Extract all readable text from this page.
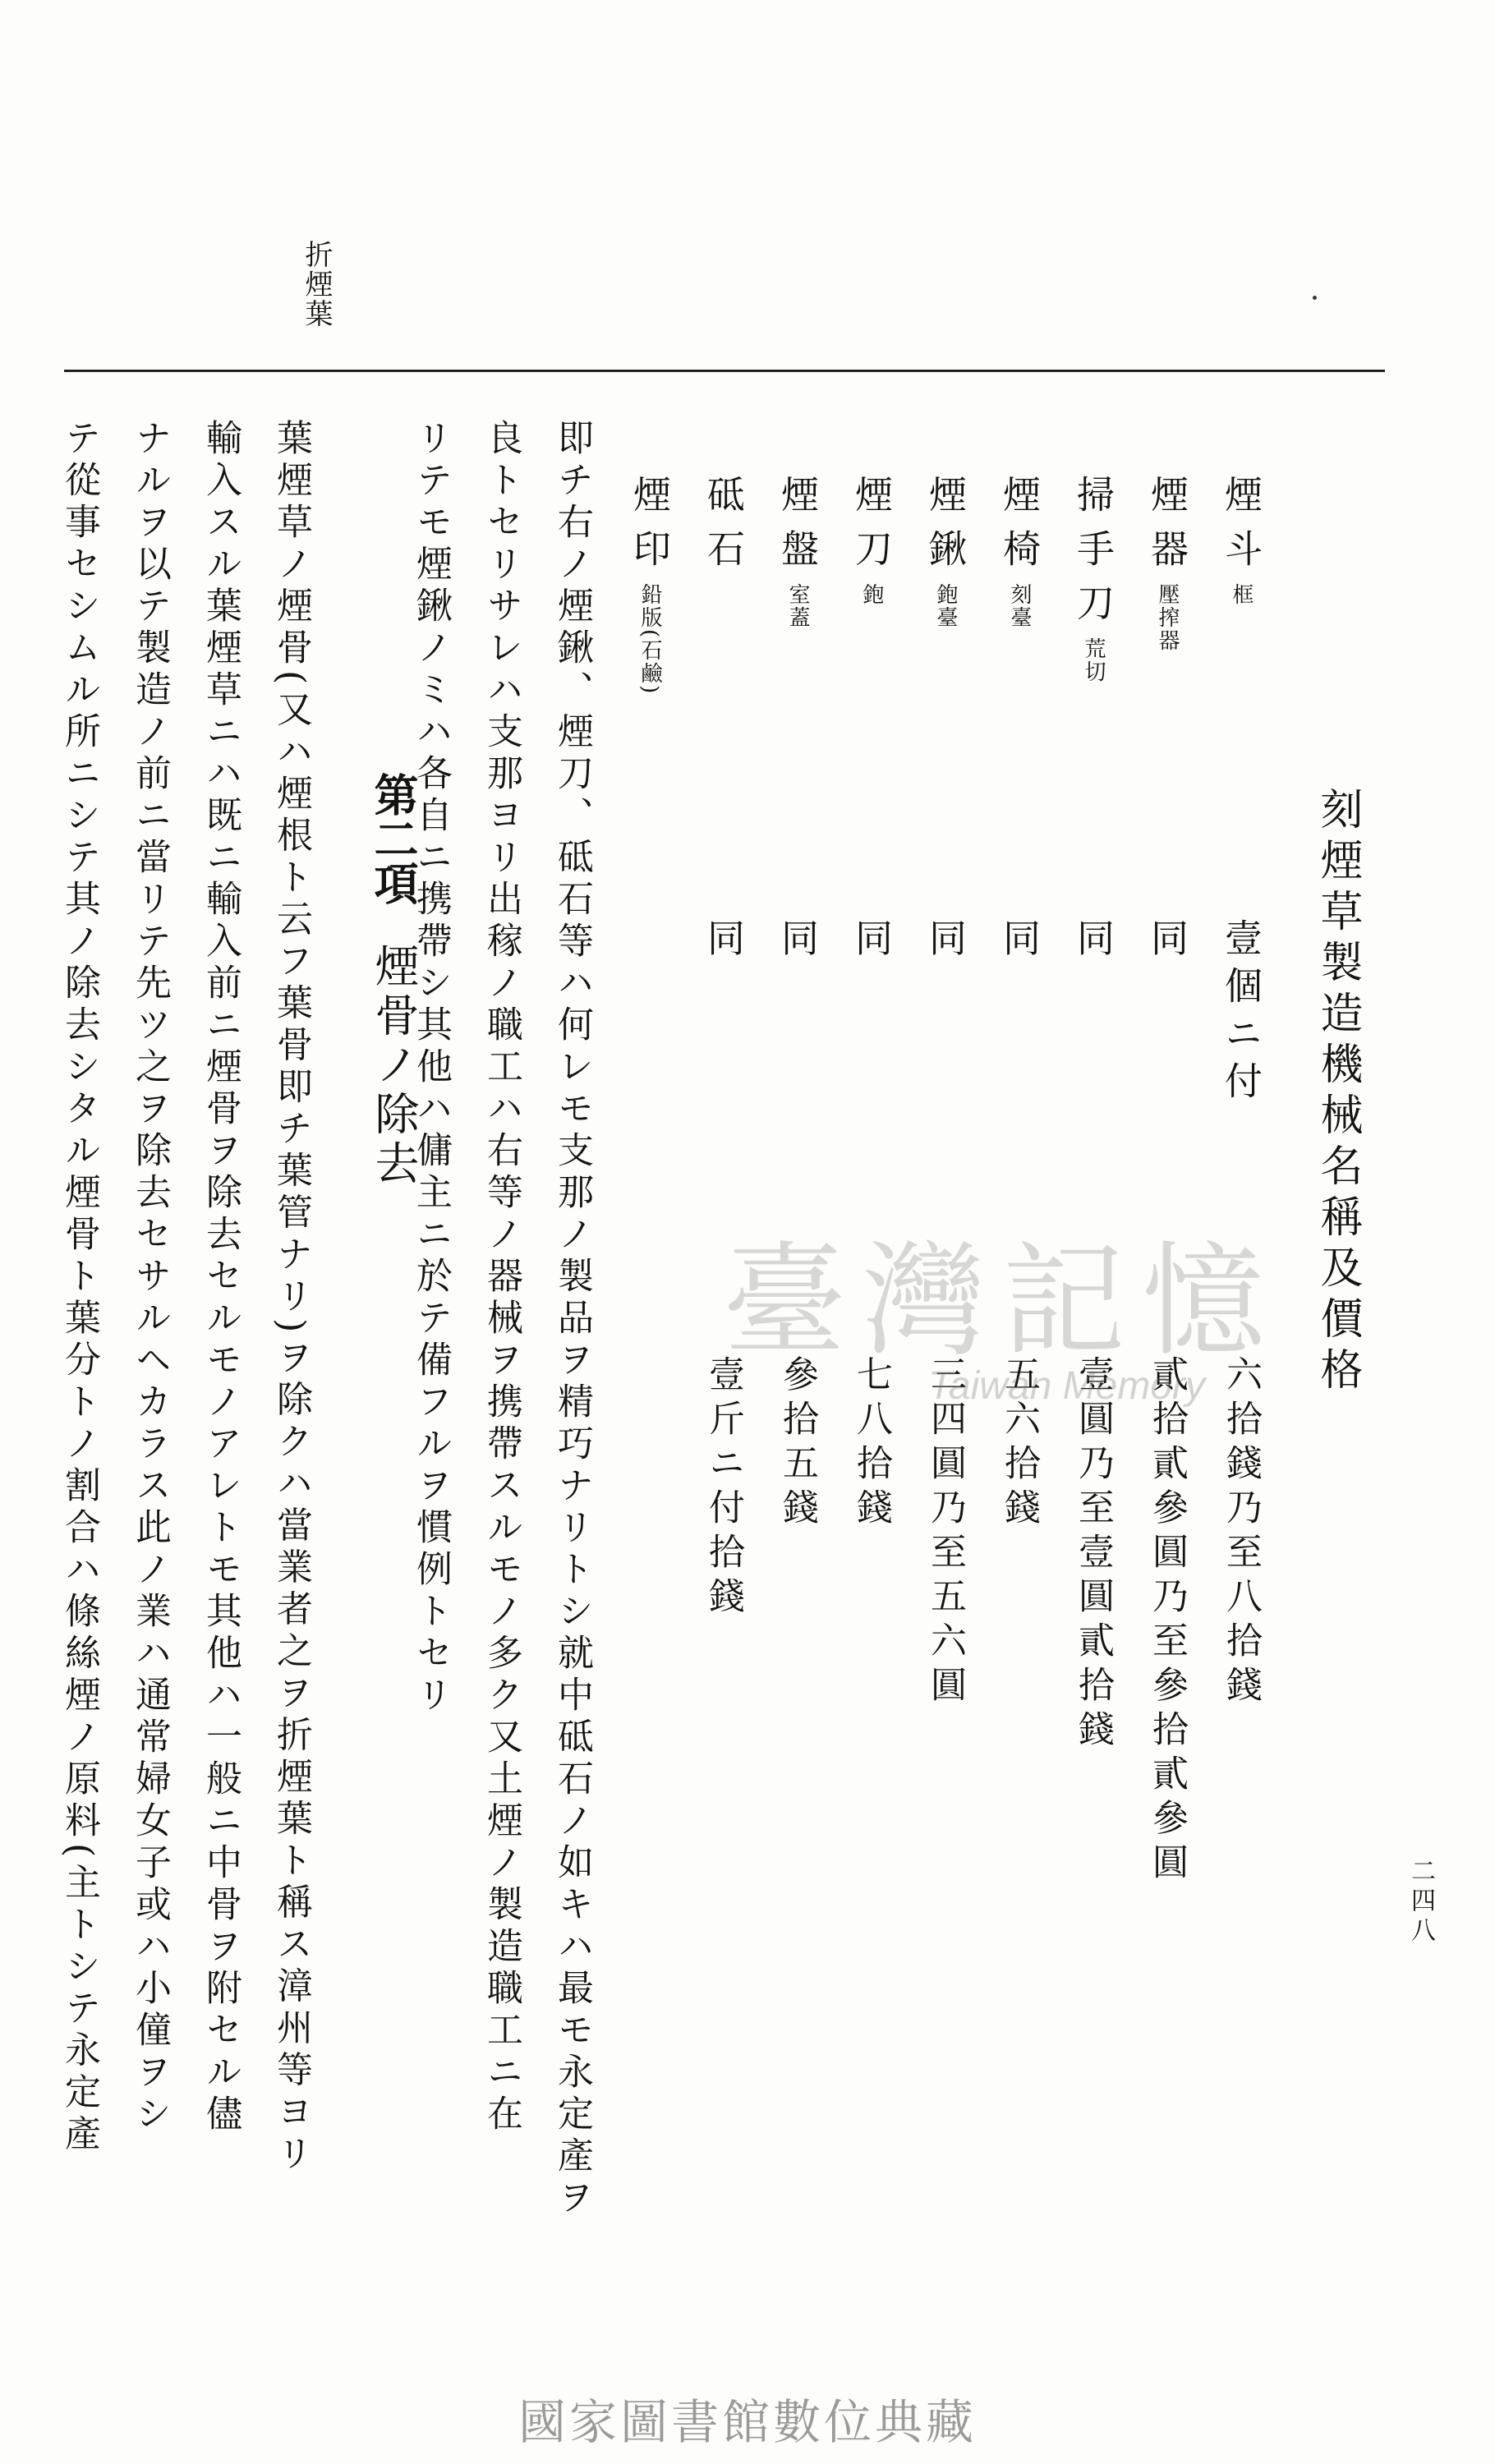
折煙葉
二四八
刻煙草製造機械名稱及價格
煙斗框
壹個ニ付
六拾錢乃至八拾錢
煙器壓搾器
同
貳拾貳參圓乃至參拾貳參圓
掃手刀荒切
同
壹圓乃至壹圓貳拾錢
煙椅刻臺
同
五六拾錢
煙鍬鉋臺
同
三四圓乃至五六圓
煙刀鉋
同
七八拾錢
煙盤室蓋
同
參拾五錢
砥石
同
壹斤ニ付拾錢
煙印鉛版(石鹼)
即チ右ノ煙鍬、煙刀、砥石等ハ何レモ支那ノ製品ヲ精巧ナリトシ就中砥石ノ如キハ最モ永定產ヲ
良トセリサレハ支那ヨリ出稼ノ職工ハ右等ノ器械ヲ携帶スルモノ多ク又土煙ノ製造職工ニ在
リテモ煙鍬ノミハ各自ニ携帶シ其他ハ傭主ニ於テ備フルヲ慣例トセリ
第二項煙骨ノ除去
葉煙草ノ煙骨(又ハ煙根ト云フ葉骨即チ葉管ナリ)ヲ除クハ當業者之ヲ折煙葉ト稱ス漳州等ヨリ
輸入スル葉煙草ニハ既ニ輸入前ニ煙骨ヲ除去セルモノアレトモ其他ハ一般ニ中骨ヲ附セル儘
ナルヲ以テ製造ノ前ニ當リテ先ツ之ヲ除去セサルヘカラス此ノ業ハ通常婦女子或ハ小僮ヲシ
テ從事セシムル所ニシテ其ノ除去シタル煙骨ト葉分トノ割合ハ條絲煙ノ原料(主トシテ永定產	臺灣記憶
Taiwan Memory
國家圖書館數位典藏
